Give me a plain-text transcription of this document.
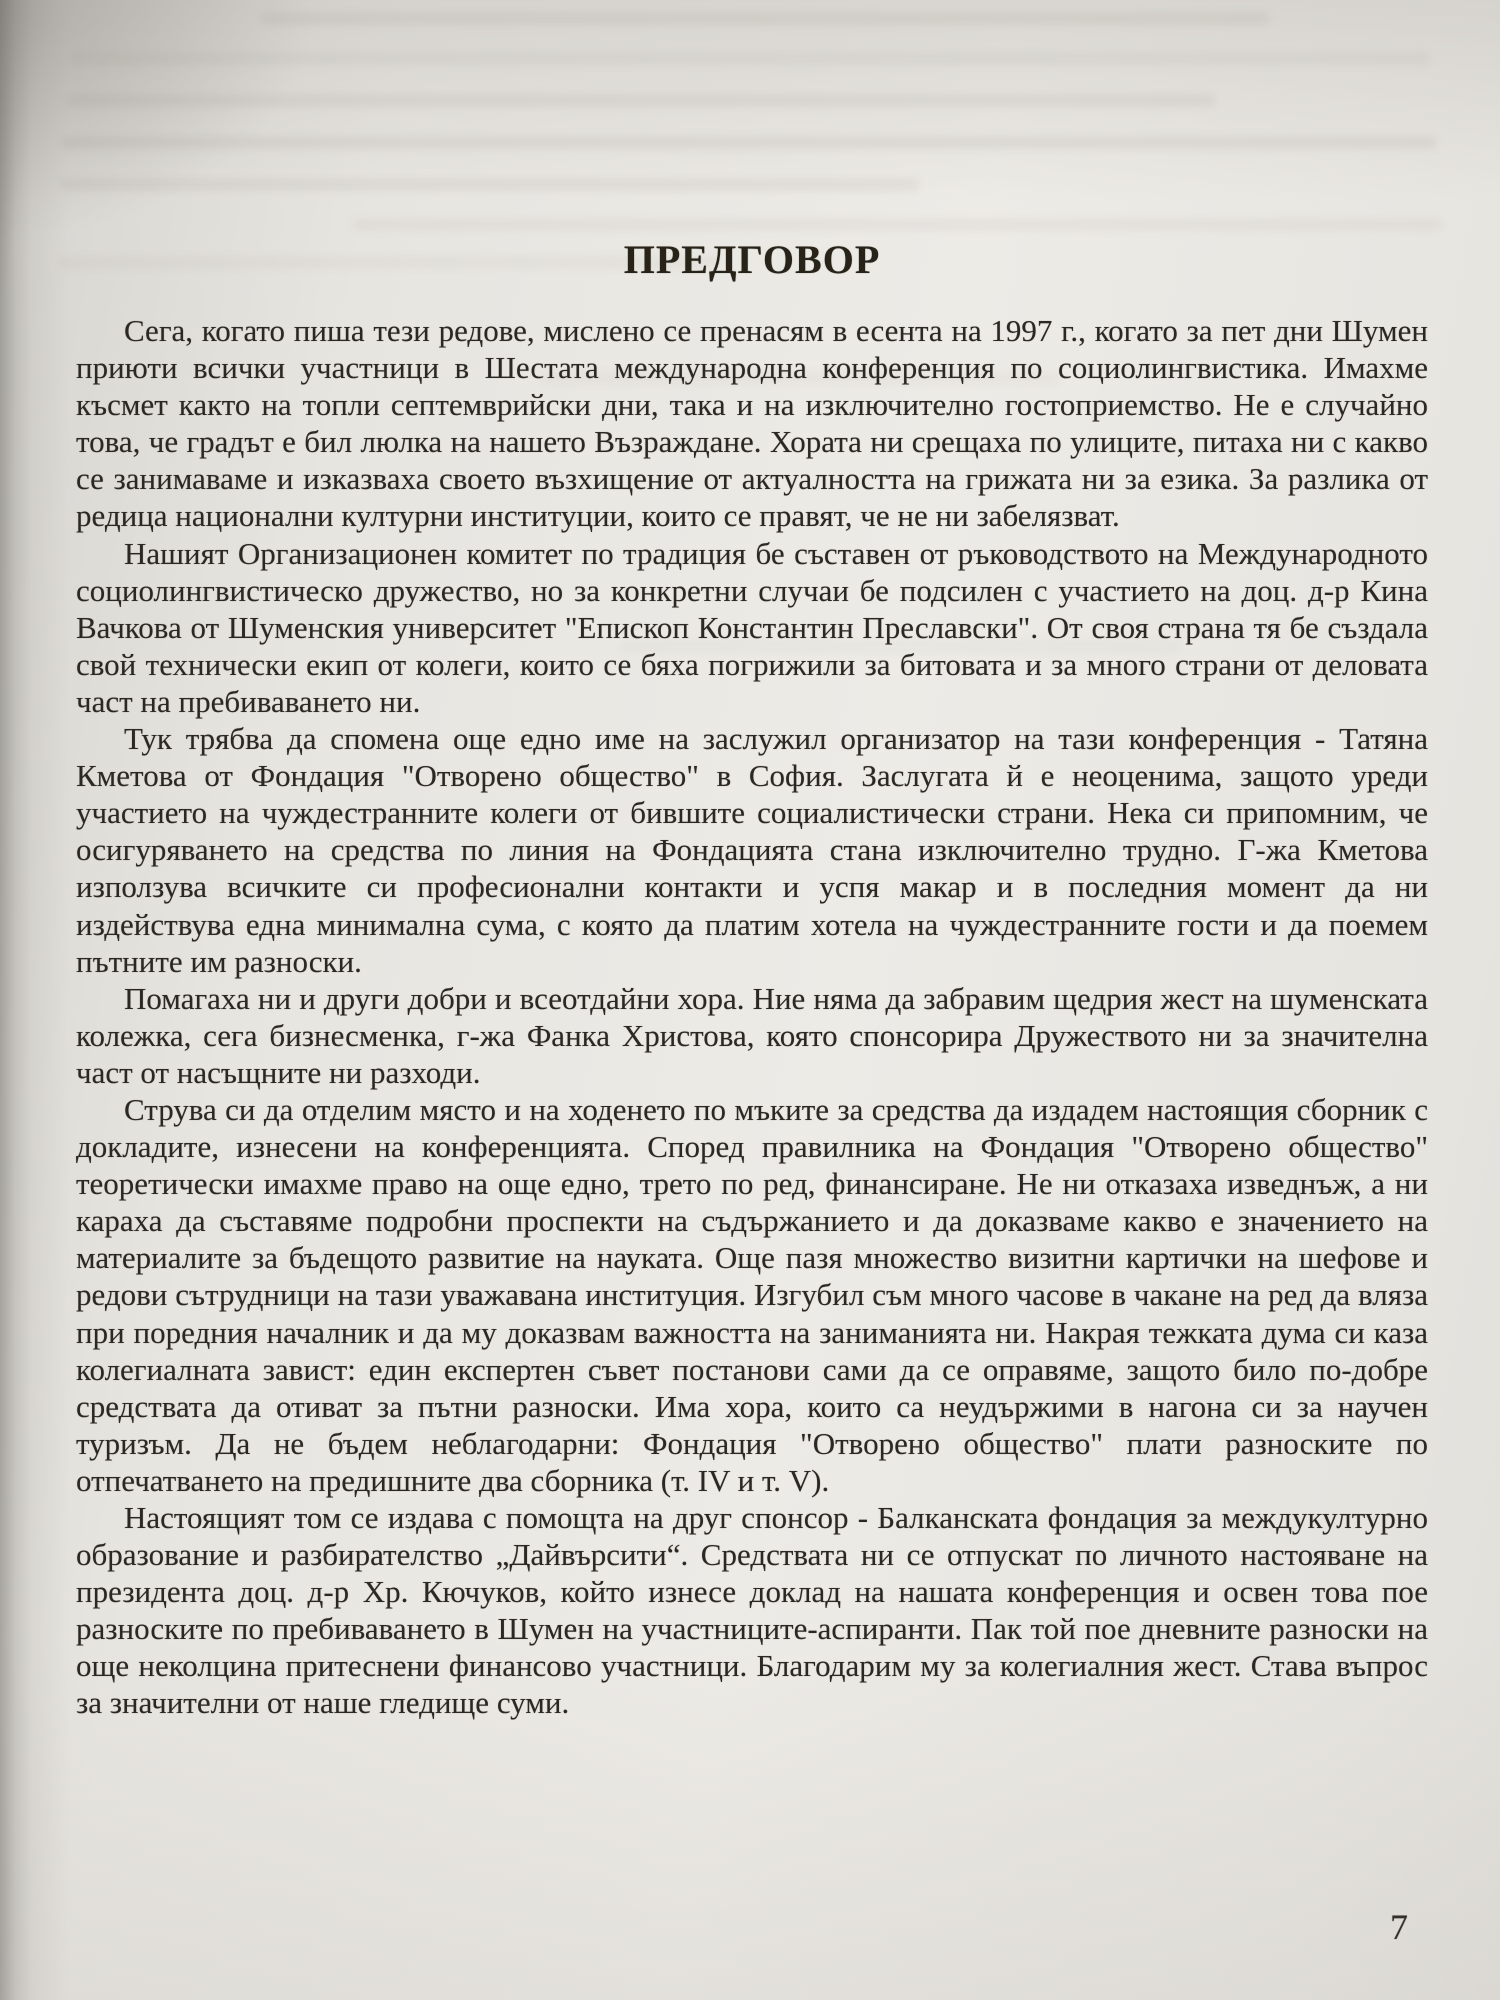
ПРЕДГОВОР

Сега, когато пиша тези редове, мислено се пренасям в есента на 1997 г., когато за пет дни Шумен приюти всички участници в Шестата международна конференция по социолингвистика. Имахме късмет както на топли септемврийски дни, така и на изключително гостоприемство. Не е случайно това, че градът е бил люлка на нашето Възраждане. Хората ни срещаха по улиците, питаха ни с какво се занимаваме и изказваха своето възхищение от актуалността на грижата ни за езика. За разлика от редица национални културни институции, които се правят, че не ни забелязват.

Нашият Организационен комитет по традиция бе съставен от ръководството на Международното социолингвистическо дружество, но за конкретни случаи бе подсилен с участието на доц. д-р Кина Вачкова от Шуменския университет "Епископ Константин Преславски". От своя страна тя бе създала свой технически екип от колеги, които се бяха погрижили за битовата и за много страни от деловата част на пребиваването ни.

Тук трябва да спомена още едно име на заслужил организатор на тази конференция - Татяна Кметова от Фондация "Отворено общество" в София. Заслугата й е неоценима, защото уреди участието на чуждестранните колеги от бившите социалистически страни. Нека си припомним, че осигуряването на средства по линия на Фондацията стана изключително трудно. Г-жа Кметова използува всичките си професионални контакти и успя макар и в последния момент да ни издействува една минимална сума, с която да платим хотела на чуждестранните гости и да поемем пътните им разноски.

Помагаха ни и други добри и всеотдайни хора. Ние няма да забравим щедрия жест на шуменската колежка, сега бизнесменка, г-жа Фанка Христова, която спонсорира Дружеството ни за значителна част от насъщните ни разходи.

Струва си да отделим място и на ходенето по мъките за средства да издадем настоящия сборник с докладите, изнесени на конференцията. Според правилника на Фондация "Отворено общество" теоретически имахме право на още едно, трето по ред, финансиране. Не ни отказаха изведнъж, а ни караха да съставяме подробни проспекти на съдържанието и да доказваме какво е значението на материалите за бъдещото развитие на науката. Още пазя множество визитни картички на шефове и редови сътрудници на тази уважавана институция. Изгубил съм много часове в чакане на ред да вляза при поредния началник и да му доказвам важността на заниманията ни. Накрая тежката дума си каза колегиалната завист: един експертен съвет постанови сами да се оправяме, защото било по-добре средствата да отиват за пътни разноски. Има хора, които са неудържими в нагона си за научен туризъм. Да не бъдем неблагодарни: Фондация "Отворено общество" плати разноските по отпечатването на предишните два сборника (т. IV и т. V).

Настоящият том се издава с помощта на друг спонсор - Балканската фондация за междукултурно образование и разбирателство „Дайвърсити“. Средствата ни се отпускат по личното настояване на президента доц. д-р Хр. Кючуков, който изнесе доклад на нашата конференция и освен това пое разноските по пребиваването в Шумен на участниците-аспиранти. Пак той пое дневните разноски на още неколцина притеснени финансово участници. Благодарим му за колегиалния жест. Става въпрос за значителни от наше гледище суми.

7
